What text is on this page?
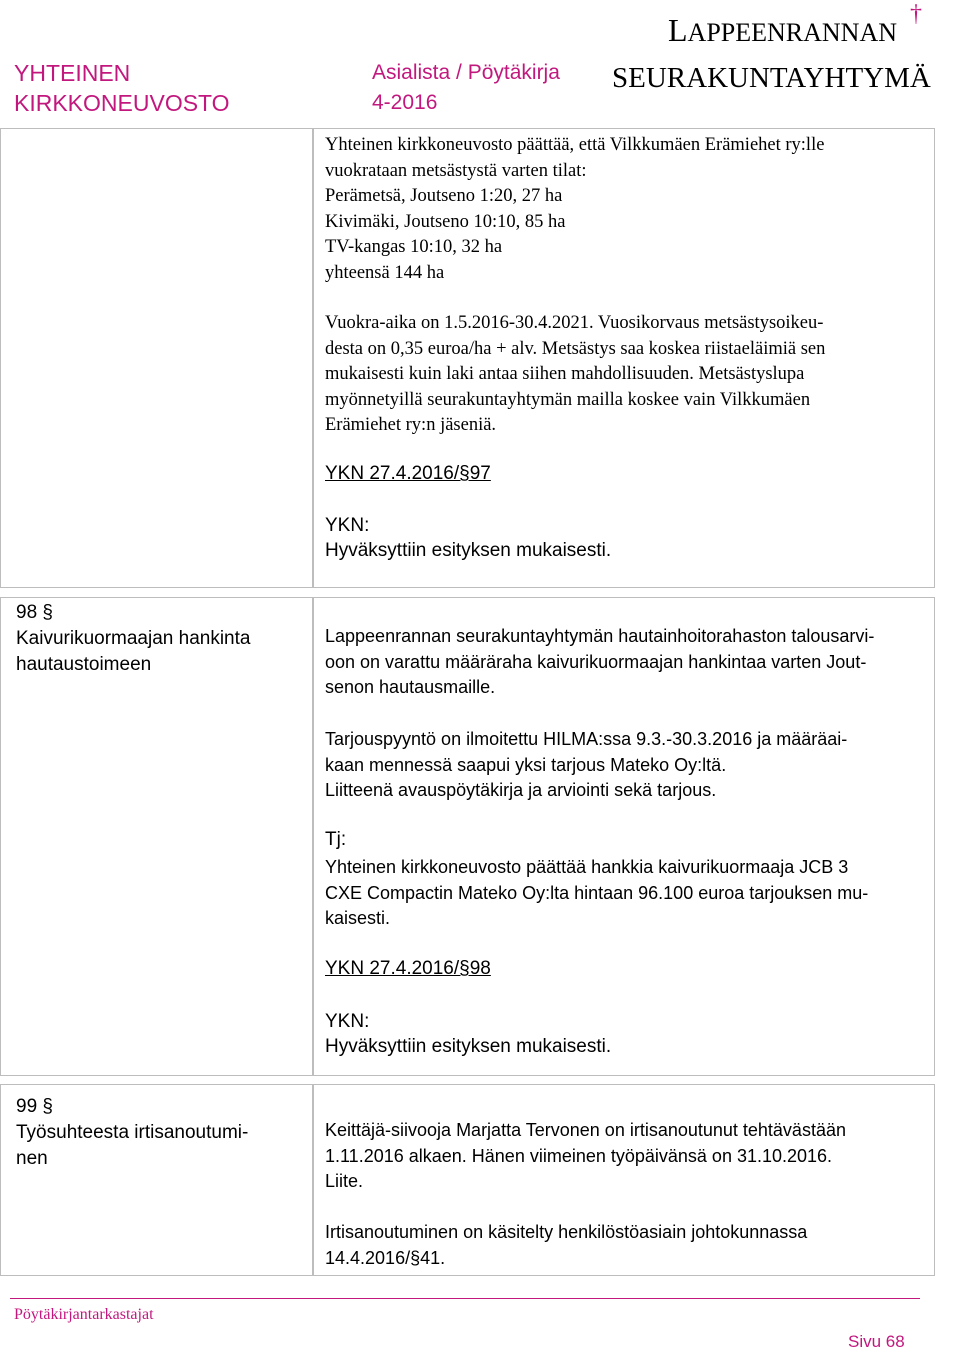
YHTEINEN
KIRKKONEUVOSTO
Asialista / Pöytäkirja
4-2016
LAPPEENRANNAN
†
SEURAKUNTAYHTYMÄ
Yhteinen kirkkoneuvosto päättää, että Vilkkumäen Erämiehet ry:lle
vuokrataan metsästystä varten tilat:
Perämetsä, Joutseno 1:20, 27 ha
Kivimäki, Joutseno 10:10, 85 ha
TV-kangas 10:10, 32 ha
yhteensä 144 ha
Vuokra-aika on 1.5.2016-30.4.2021. Vuosikorvaus metsästysoikeu-
desta on 0,35 euroa/ha + alv. Metsästys saa koskea riistaeläimiä sen
mukaisesti kuin laki antaa siihen mahdollisuuden. Metsästyslupa
myönnetyillä seurakuntayhtymän mailla koskee vain Vilkkumäen
Erämiehet ry:n jäseniä.
YKN 27.4.2016/§97
YKN:
Hyväksyttiin esityksen mukaisesti.
98 §
Kaivurikuormaajan hankinta
hautaustoimeen
Lappeenrannan seurakuntayhtymän hautainhoitorahaston talousarvi-
oon on varattu määräraha kaivurikuormaajan hankintaa varten Jout-
senon hautausmaille.
Tarjouspyyntö on ilmoitettu HILMA:ssa 9.3.-30.3.2016 ja määräai-
kaan mennessä saapui yksi tarjous Mateko Oy:ltä.
Liitteenä avauspöytäkirja ja arviointi sekä tarjous.
Tj:
Yhteinen kirkkoneuvosto päättää hankkia kaivurikuormaaja JCB 3
CXE Compactin Mateko Oy:lta hintaan 96.100 euroa tarjouksen mu-
kaisesti.
YKN 27.4.2016/§98
YKN:
Hyväksyttiin esityksen mukaisesti.
99 §
Työsuhteesta irtisanoutumi-
nen
Keittäjä-siivooja Marjatta Tervonen on irtisanoutunut tehtävästään
1.11.2016 alkaen. Hänen viimeinen työpäivänsä on 31.10.2016.
Liite.
Irtisanoutuminen on käsitelty henkilöstöasiain johtokunnassa
14.4.2016/§41.
Pöytäkirjantarkastajat
Sivu 68
